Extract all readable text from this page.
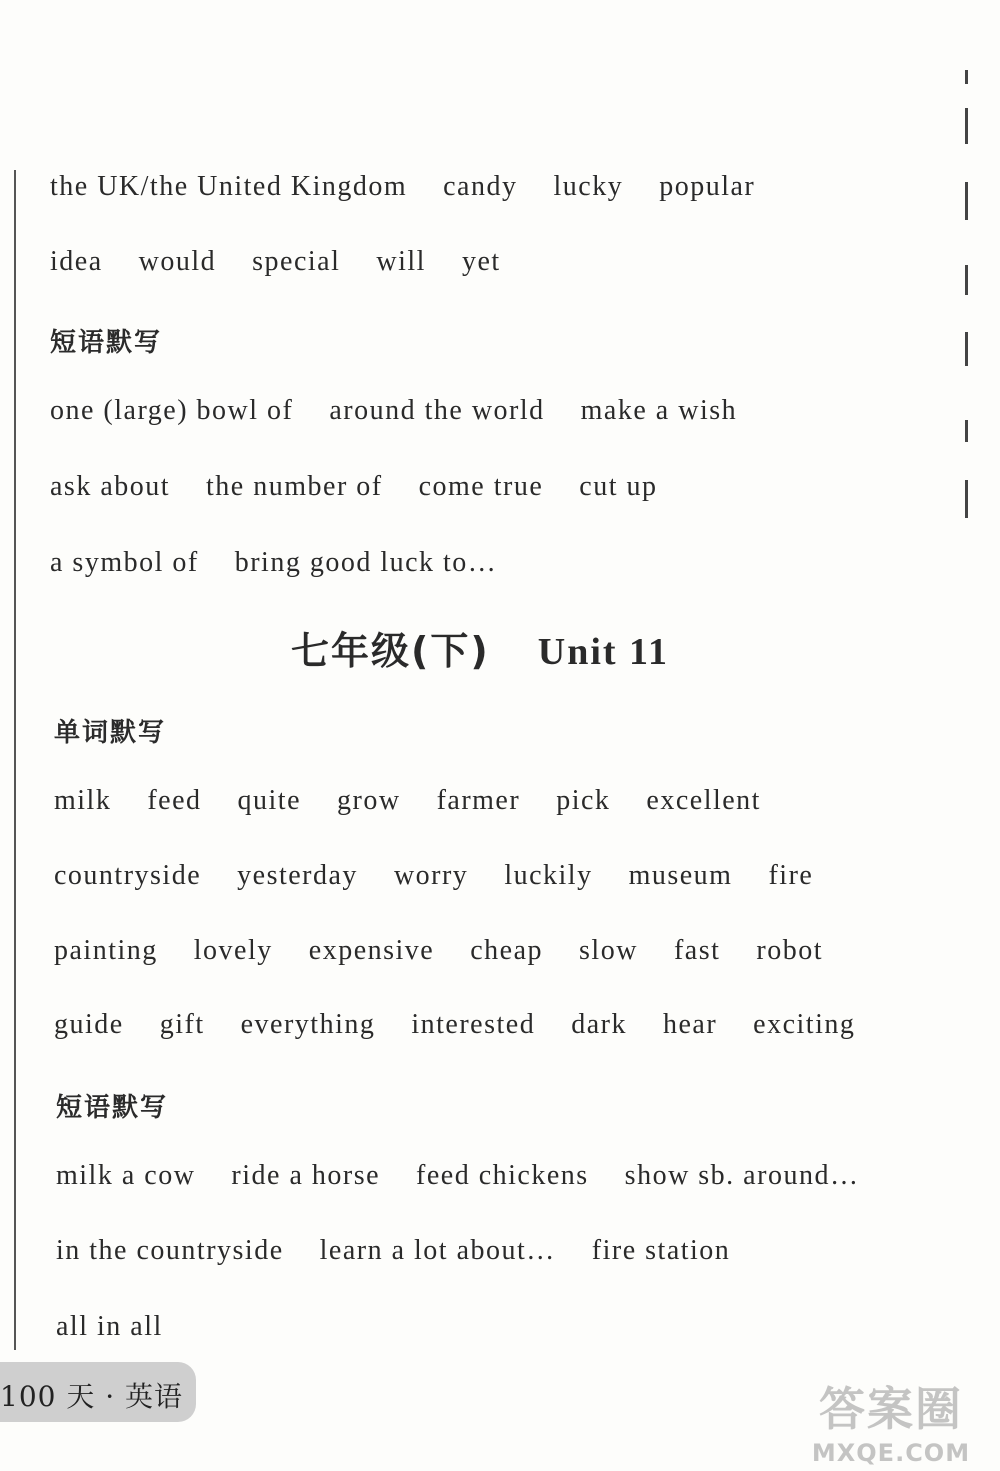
the UK/the United Kingdom candy lucky popular
idea would special will yet
短语默写
one (large) bowl of around the world make a wish
ask about the number of come true cut up
a symbol of bring good luck to…
七年级(下) Unit 11
单词默写
milk feed quite grow farmer pick excellent
countryside yesterday worry luckily museum fire
painting lovely expensive cheap slow fast robot
guide gift everything interested dark hear exciting
短语默写
milk a cow ride a horse feed chickens show sb. around…
in the countryside learn a lot about… fire station
all in all
100 天 · 英语	答案圈
MXQE.COM
